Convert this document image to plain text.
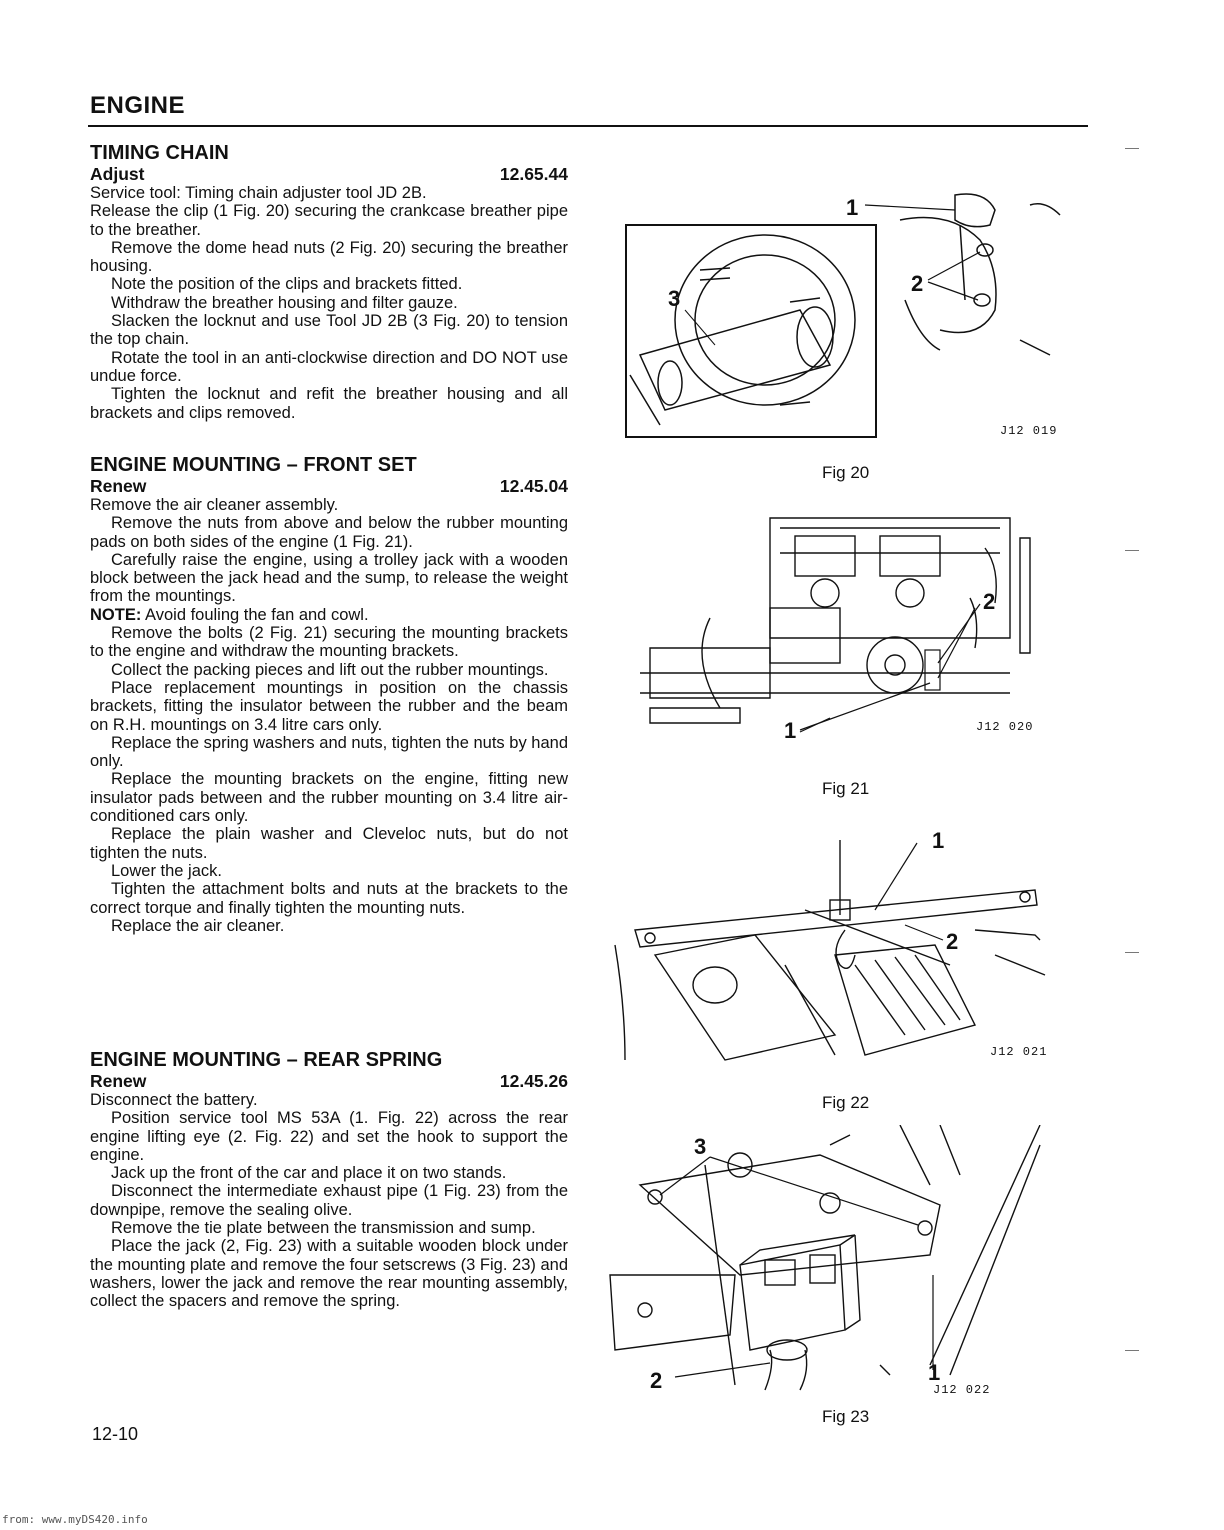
ENGINE
TIMING CHAIN
Adjust	12.65.44

Service tool: Timing chain adjuster tool JD 2B.

Release the clip (1 Fig. 20) securing the crankcase breather pipe to the breather.

Remove the dome head nuts (2 Fig. 20) securing the breather housing.

Note the position of the clips and brackets fitted.

Withdraw the breather housing and filter gauze.

Slacken the locknut and use Tool JD 2B (3 Fig. 20) to tension the top chain.

Rotate the tool in an anti-clockwise direction and DO NOT use undue force.

Tighten the locknut and refit the breather housing and all brackets and clips removed.

ENGINE MOUNTING – FRONT SET
Renew	12.45.04

Remove the air cleaner assembly.

Remove the nuts from above and below the rubber mounting pads on both sides of the engine (1 Fig. 21).

Carefully raise the engine, using a trolley jack with a wooden block between the jack head and the sump, to release the weight from the mountings.

NOTE: Avoid fouling the fan and cowl.

Remove the bolts (2 Fig. 21) securing the mounting brackets to the engine and withdraw the mounting brackets.

Collect the packing pieces and lift out the rubber mountings.

Place replacement mountings in position on the chassis brackets, fitting the insulator between the rubber and the beam on R.H. mountings on 3.4 litre cars only.

Replace the spring washers and nuts, tighten the nuts by hand only.

Replace the mounting brackets on the engine, fitting new insulator pads between and the rubber mounting on 3.4 litre air-conditioned cars only.

Replace the plain washer and Cleveloc nuts, but do not tighten the nuts.

Lower the jack.

Tighten the attachment bolts and nuts at the brackets to the correct torque and finally tighten the mounting nuts.

Replace the air cleaner.

ENGINE MOUNTING – REAR SPRING
Renew	12.45.26

Disconnect the battery.

Position service tool MS 53A (1. Fig. 22) across the rear engine lifting eye (2. Fig. 22) and set the hook to support the engine.

Jack up the front of the car and place it on two stands.

Disconnect the intermediate exhaust pipe (1 Fig. 23) from the downpipe, remove the sealing olive.

Remove the tie plate between the transmission and sump.

Place the jack (2, Fig. 23) with a suitable wooden block under the mounting plate and remove the four setscrews (3 Fig. 23) and washers, lower the jack and remove the rear mounting assembly, collect the spacers and remove the spring.

1
2
3
J12 019
Fig 20
1
2
J12 020
Fig 21
1
2
J12 021
Fig 22
3
2	1
J12 022
Fig 23
12-10
from: www.myDS420.info
